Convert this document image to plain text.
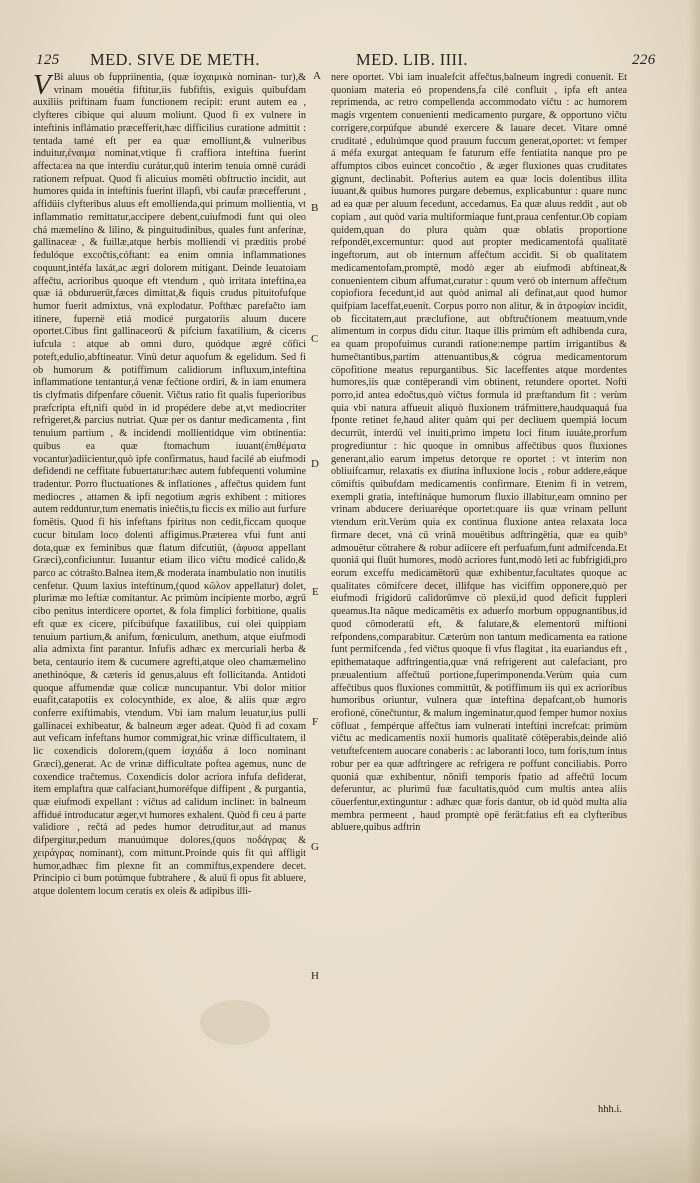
125 MED. SIVE DE METH.	MED. LIB. IIII.	226

V Bi aluus ob fuppriinentia, (quæ ἰσχαιμικὰ nominan- tur),& vrinam mouétia fiftitur,iis fubfiftis, exiguis quibufdam auxiliis priftinam fuam functionem recipit: erunt autem ea , clyfteres cibique qui aluum moliunt. Quod fi ex vulnere in inteftinis inflámatio præcefferit,hæc difficilius curatione admittit : tentada tamé eft per ea quæ emolliunt,& vulneribus induitur,ἐναιμα nominat,vtique fi craffiora inteftina fuerint affecta:ea na que interdiu curátur,quū interim tenuia omnë curádi rationem refpuat. Quod fi alicuius momëti obftructio incidit, aut humores quida in inteftinis fuerint illapfi, vbi caufæ præcefferunt , affidüis clyfteribus aluus eft emollienda,qui primum mollientia, vt inflammatio remittatur,accipere debent,cuiufmodi funt qui oleo chá mæmelino & lilino, & pinguitudinibus, quales funt anferinæ, gallinaceæ , & fuillæ,atque herbis molliendi vi præditis probé fedulóque excočtis,cóftant: ea enim omnia inflammationes coquunt,intéfa laxát,ac ægri dolorem mitigant. Deinde leuatoiam affečtu, acrioribus quoque eft vtendum , quò irritata inteftina,ea quæ iá obduruerűt,fæces dimittat,& fiquis crudus pituitofufque humor fuerit admixtus, vná explodatur. Pofthæc parefačto iam itinere, fupernë etiá modicé purgatoriis aluum ducere oportet.Cibus fint gallinaceorű & pifcium faxatilium, & cicerıs iufcula : atque ab omni duro, quódque ægré cőfici poteft,edulio,abftineatur. Vinü detur aquofum & egelidum. Sed fi ob humorum & potiffimum calidiorum influxum,inteftina inflammatione tentantur,á venæ fečtione ordiri, & in iam enumera tis clyfmatis difpenfare cőuenit. Vičtus ratio fit qualis fuperioribus præfcripta eft,nifi quòd in id propédere debe at,vt mediocriter refrigeret,& parcius nutriat. Quæ per os dantur medicamenta , fint tenuium partium , & incidendi mollientidque vim obtinentia: quibus ea quæ ftomachum iuuant(ἐπιθέματα vocantur)adiicientur,quò ipfe confirmatus, haud facilé ab eiufmodi defidendi ne ceffitate fubuertatur:hæc autem fubfequenti volumine tradentur. Porro fluctuationes & inflationes , affečtus quidem funt mediocres , attamen & ipfi negotium ægris exhibent : mitiores autem redduntur,tum enematis iniečtis,tu ficcis ex milio aut furfure fomëtis. Quod fi his infeftans fpiritus non cedit,ficcam quoque cucur bitulam loco dolenti affigimus.Præterea vfui funt anti dota,quæ ex feminibus quæ flatum difcutiüt, (ἀφυσα appellant Græci),conficiuntur. Iuuantur etiam ilico vičtu modicé calido,& parco ac cótrašto.Balnea item,& moderata inambulatio non inutilis cenfetur. Quum laxius inteftinum,(quod κῶλον appellatur) dolet, plurimæ mo leftiæ comitantur. Ac primùm incipiente morbo, ægrű cibo penitus interdicere oportet, & fola fimplici forbitione, qualis eft quæ ex cicere, pifcibúfque faxatilibus, cui olei quippiam tenuium partium,& anifum, fœniculum, anethum, atque eiufmodi alia admixta fint parantur. Infufis adhæc ex mercuriali herba & beta, centaurio item & cucumere agrefti,atque oleo chamæmelino anethinóque, & cæteris id genus,aluus eft follicitanda. Antidoti quoque affumendæ quæ colicæ nuncupantur. Vbi dolor mitior euafit,catapotiis ex colocynthide, ex aloe, & aliis quæ ægro conferre exiftimabis, vtendum. Vbi iam malum leuatur,ius pulli gallinacei exhibeatur, & balneum æger adeat. Quòd fi ad coxam aut veficam infeftans humor commigrat,hic vrinæ difficultatem, il lic coxendicis dolorem,(quem ἰσχιάδα á loco nominant Græci),generat. Ac de vrinæ difficultate poftea agemus, nunc de coxendice tračtemus. Coxendicis dolor acriora infufa defiderat, item emplaftra quæ calfaciant,humoréfque diffipent , & purgantia, quæ eiufmodi expellant : vičtus ad calidum inclinet: in balneum affidué introducatur æger,vt humores exhalent. Quòd fi ceu á parte validiore , rečtá ad pedes humor detruditur,aut ad manus difpergitur,pedum manuúmque dolores,(quos ποδάγρας & χειράγρας nominant), com mittunt.Proinde quis fit qui affligit humor,adhæc fim plexne fit an commiftus,expendere decet. Principio ci bum potúmque fubtrahere , & aluű fi opus fit abluere, atque dolentem locum ceratis ex oleis & adipibus illi-

nere oportet. Vbi iam inualefcit affečtus,balneum ingredi conuenit. Et quoniam materia eó propendens,fa cilé confluit , ipfa eft antea reprimenda, ac retro compellenda accommodato vičtu : ac humorem magis vrgentem conuenienti medicamento purgare, & opportuno vičtu corrigere,corpúfque abundé exercere & lauare decet. Vitare omné cruditaté , edulıúmque quod prauum fuccum generat,oportet: vt femper á méfa exurgat antequam fe faturum effe fentiatita nanque pro pe affumptos cibos euincet concočtio , & æger fluxiones quas cruditates gignunt, declinabit. Pofterius autem ea quæ locis dolentibus illita iuuant,& quibus humores purgare debemus, explicabuntur : quare nunc ad ea quæ per aluum fecedunt, accedamus. Ea quæ aluus reddit , aut ob copiam , aut quòd varia multiformiaque funt,praua cenfentur.Ob copiam quidem,quan do plura quàm quæ oblatis proportione refpondët,excernuntur: quod aut propter medicamentofá qualitatë ingeftorum, aut ob internum affečtum accidit. Si ob qualitatem medicamentofam,promptë, modò æger ab eiufmodi abftineat,& conuenientem cibum affumat,curatur : quum veró ob internum affečtum copiofiora fecedunt,id aut quòd animal ali definat,aut quod humor quifpiam laceffat,euenit. Corpus porro non alitur, & in ἀτροφίαν incidit, ob ficcitatem,aut præclufione, aut obftručtionem meatuum,vnde alimentum in corpus didu citur. Itaque illis primùm eft adhibenda cura, ea quam propofuimus curandi ratione:nempe partim irrigantibus & humečtantibus,partim attenuantibus,& cógrua medicamentorum cöpofitione meatus repurgantibus. Sic laceffentes atque mordentes humores,iis quæ contëperandi vim obtinent, retundere oportet. Nofti porro,id antea edočtus,quò vičtus formula id præftandum fit : verùm quia vbi natura affueuit aliquò fluxionem tráfmittere,haudquaquá fua fponte retinet fe,haud aliter quàm qui per decliuem quempiá locum decurrűt, interdű vel inuiti,primo impetu loci fitum iuuáte,prorfum progrediuntur : hic quoque in omnibus affečtibus quos fluxiones generant,alio earum impetus detorque re oportet : vt interim non obliuifcamur, relaxatis ex diutina influxione locis , robur addere,eáque cőmiftis quibufdam medicamentis confirmare. Etenim fi in vetrem, exempli gratia, inteftináque humorum fluxio illabitur,eam omnino per vrinam abducere deriuaréque oportet:quare iis quæ vrinam pellunt vtendum erit.Verùm quia ex continua fluxione antea relaxata loca firmare decet, vná cű vrinâ mouëtibus adftringëtia, quæ ea quib⁹ admouëtur cötrahere & robur adiicere eft perfuafum,funt admifcenda.Et quoniá qui fluűt humores, modò acriores funt,modò leti ac fubfrigidi,pro eorum exceffu medicamëtorű quæ exhibentur,facultates quoque ac qualitates cömifcere decet, illifque has viciffim opponere,quò per eiufmodi frigidorű calidorűmve cö plexű,id quod deficit fuppleri queamus.Ita nãque medicamëtis ex aduerfo morbum oppugnantibus,id quod cömoderatű eft, & falutare,& elementorű miftioni refpondens,comparabitur. Cæterùm non tantum medicamenta ea ratione funt permifcenda , fed vičtus quoque fi vfus flagitat , ita euariandus eft , epithemataque adftringentia,quæ vná refrigerent aut calefaciant, pro præualentium affečtuű portione,fuperimponenda.Verùm quia cum affečtibus quos fluxiones committűt, & potiffimum iis qui ex acrioribus humoribus oriuntur, vulnera quæ inteftina depafcant,ob humoris erofioné, cönečtuntur, & malum ingeminatur,quod femper humor noxius cöfluat , fempérque affečtus iam vulnerati inteftini increfcat: primùm vičtu ac medicamentis noxii humoris qualitatë cötëperabis,deinde alió vetuftefcentem auocare conaberis : ac laboranti loco, tum foris,tum intus robur per ea quæ adftringere ac refrigera re poffunt conciliabis. Porro quoniá quæ exhibentur, nõnifi temporis fpatio ad affečtű locum deferuntur, ac plurimű fuæ facultatis,quòd cum multis antea aliis cöuerfentur,extinguntur : adhæc quæ foris dantur, ob id quòd multa alia membra permeent , haud promptè opë ferät:fatius eft ea clyfteribus abluere,quibus adftrin

A
B
C
D
E
F
G
H
hhh.i.
